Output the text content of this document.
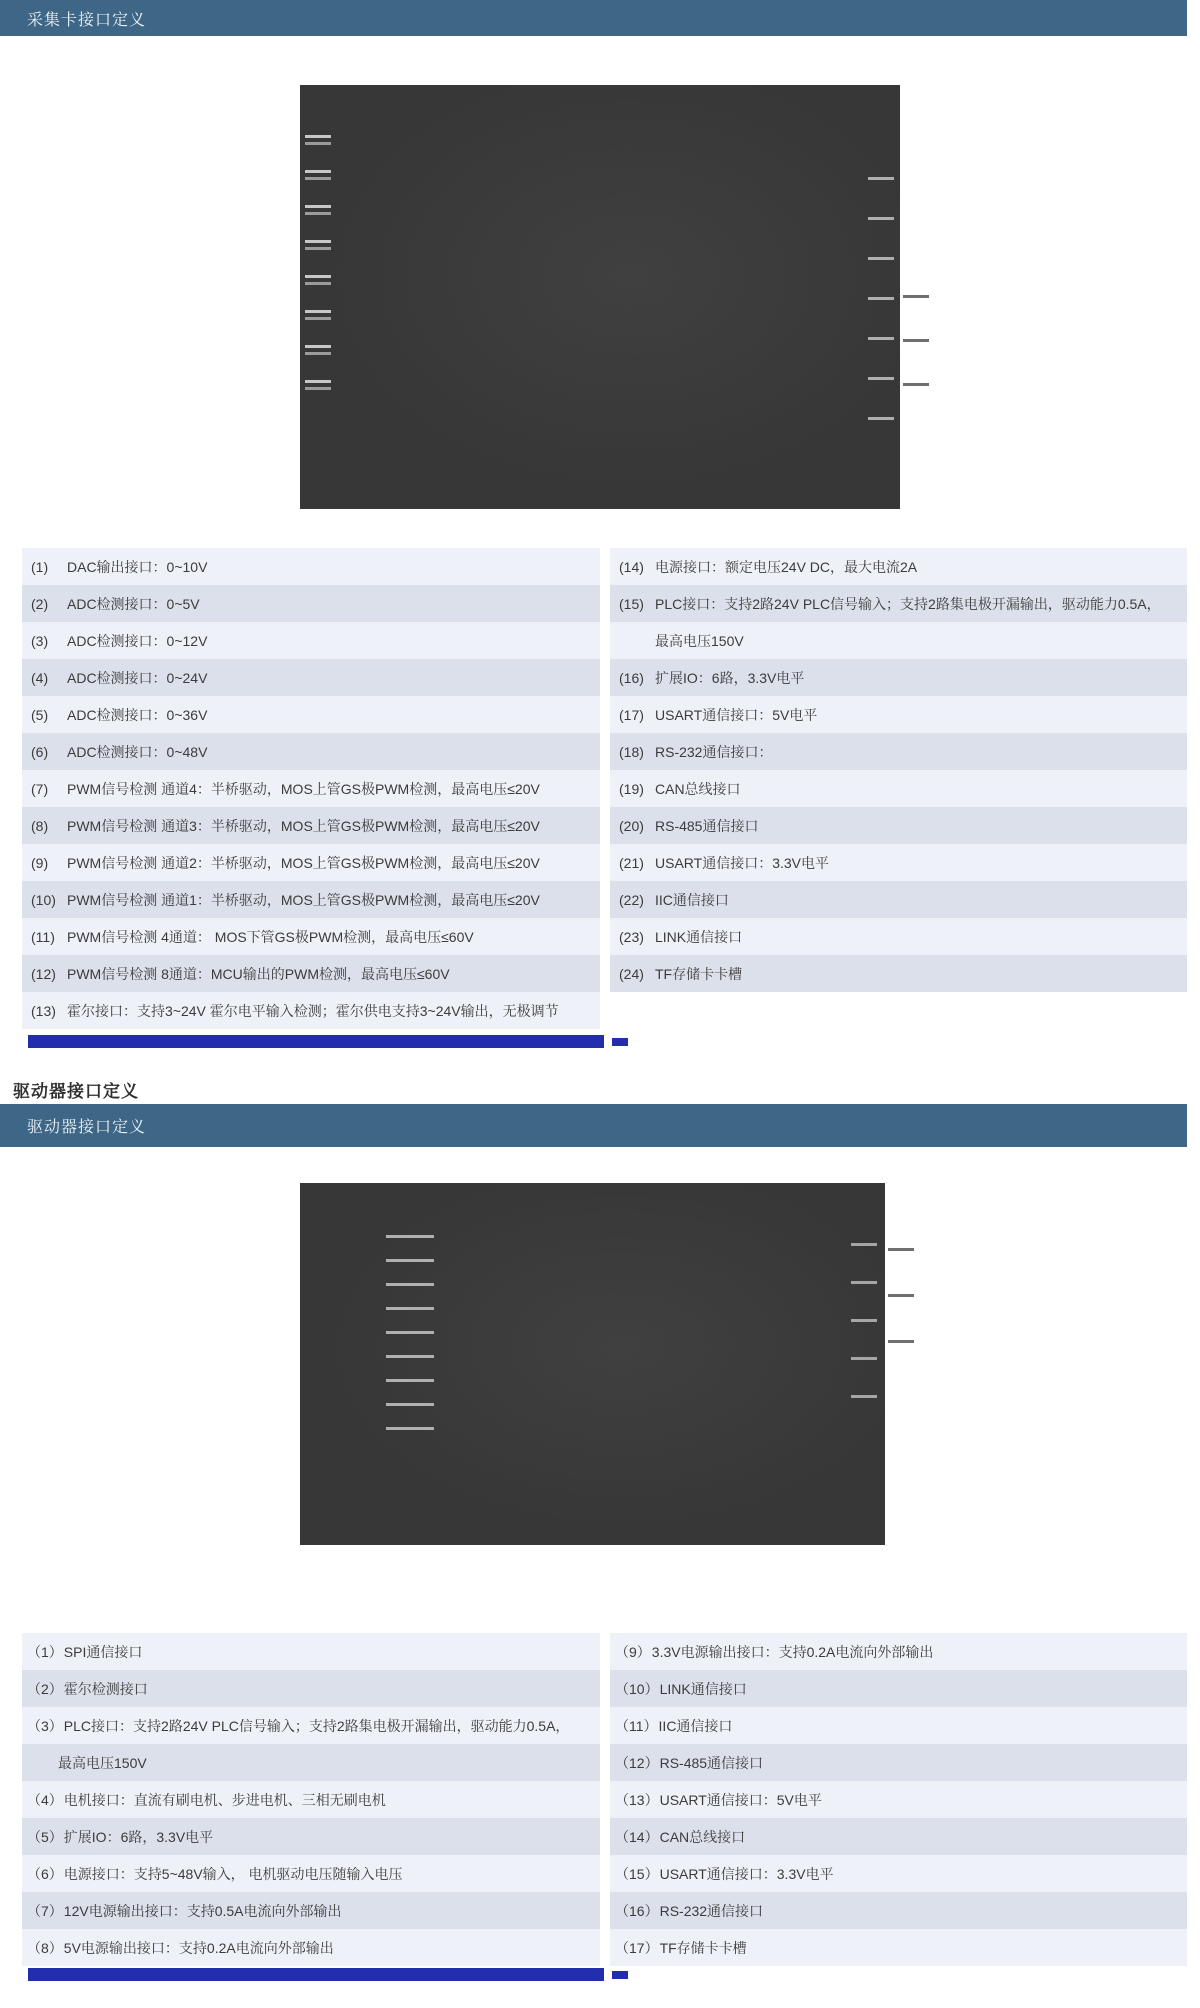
采集卡接口定义
(1)	DAC输出接口：0~10V
(2)	ADC检测接口：0~5V
(3)	ADC检测接口：0~12V
(4)	ADC检测接口：0~24V
(5)	ADC检测接口：0~36V
(6)	ADC检测接口：0~48V
(7)	PWM信号检测 通道4：半桥驱动，MOS上管GS极PWM检测，最高电压≤20V
(8)	PWM信号检测 通道3：半桥驱动，MOS上管GS极PWM检测，最高电压≤20V
(9)	PWM信号检测 通道2：半桥驱动，MOS上管GS极PWM检测，最高电压≤20V
(10) PWM信号检测 通道1：半桥驱动，MOS上管GS极PWM检测，最高电压≤20V
(11) PWM信号检测 4通道： MOS下管GS极PWM检测，最高电压≤60V
(12) PWM信号检测 8通道：MCU输出的PWM检测，最高电压≤60V
(13) 霍尔接口：支持3~24V 霍尔电平输入检测；霍尔供电支持3~24V输出，无极调节
(14) 电源接口：额定电压24V DC，最大电流2A
(15) PLC接口：支持2路24V PLC信号输入；支持2路集电极开漏输出，驱动能力0.5A，
最高电压150V
(16) 扩展IO：6路，3.3V电平
(17) USART通信接口：5V电平
(18) RS-232通信接口：
(19) CAN总线接口
(20) RS-485通信接口
(21) USART通信接口：3.3V电平
(22) IIC通信接口
(23) LINK通信接口
(24) TF存储卡卡槽
驱动器接口定义
驱动器接口定义
（1） SPI通信接口
（2） 霍尔检测接口
（3） PLC接口：支持2路24V PLC信号输入；支持2路集电极开漏输出，驱动能力0.5A，
最高电压150V
（4） 电机接口：直流有刷电机、步进电机、三相无刷电机
（5） 扩展IO：6路，3.3V电平
（6） 电源接口：支持5~48V输入， 电机驱动电压随输入电压
（7） 12V电源输出接口：支持0.5A电流向外部输出
（8） 5V电源输出接口：支持0.2A电流向外部输出
（9） 3.3V电源输出接口：支持0.2A电流向外部输出
（10） LINK通信接口
（11） IIC通信接口
（12） RS-485通信接口
（13） USART通信接口：5V电平
（14） CAN总线接口
（15） USART通信接口：3.3V电平
（16） RS-232通信接口
（17） TF存储卡卡槽
